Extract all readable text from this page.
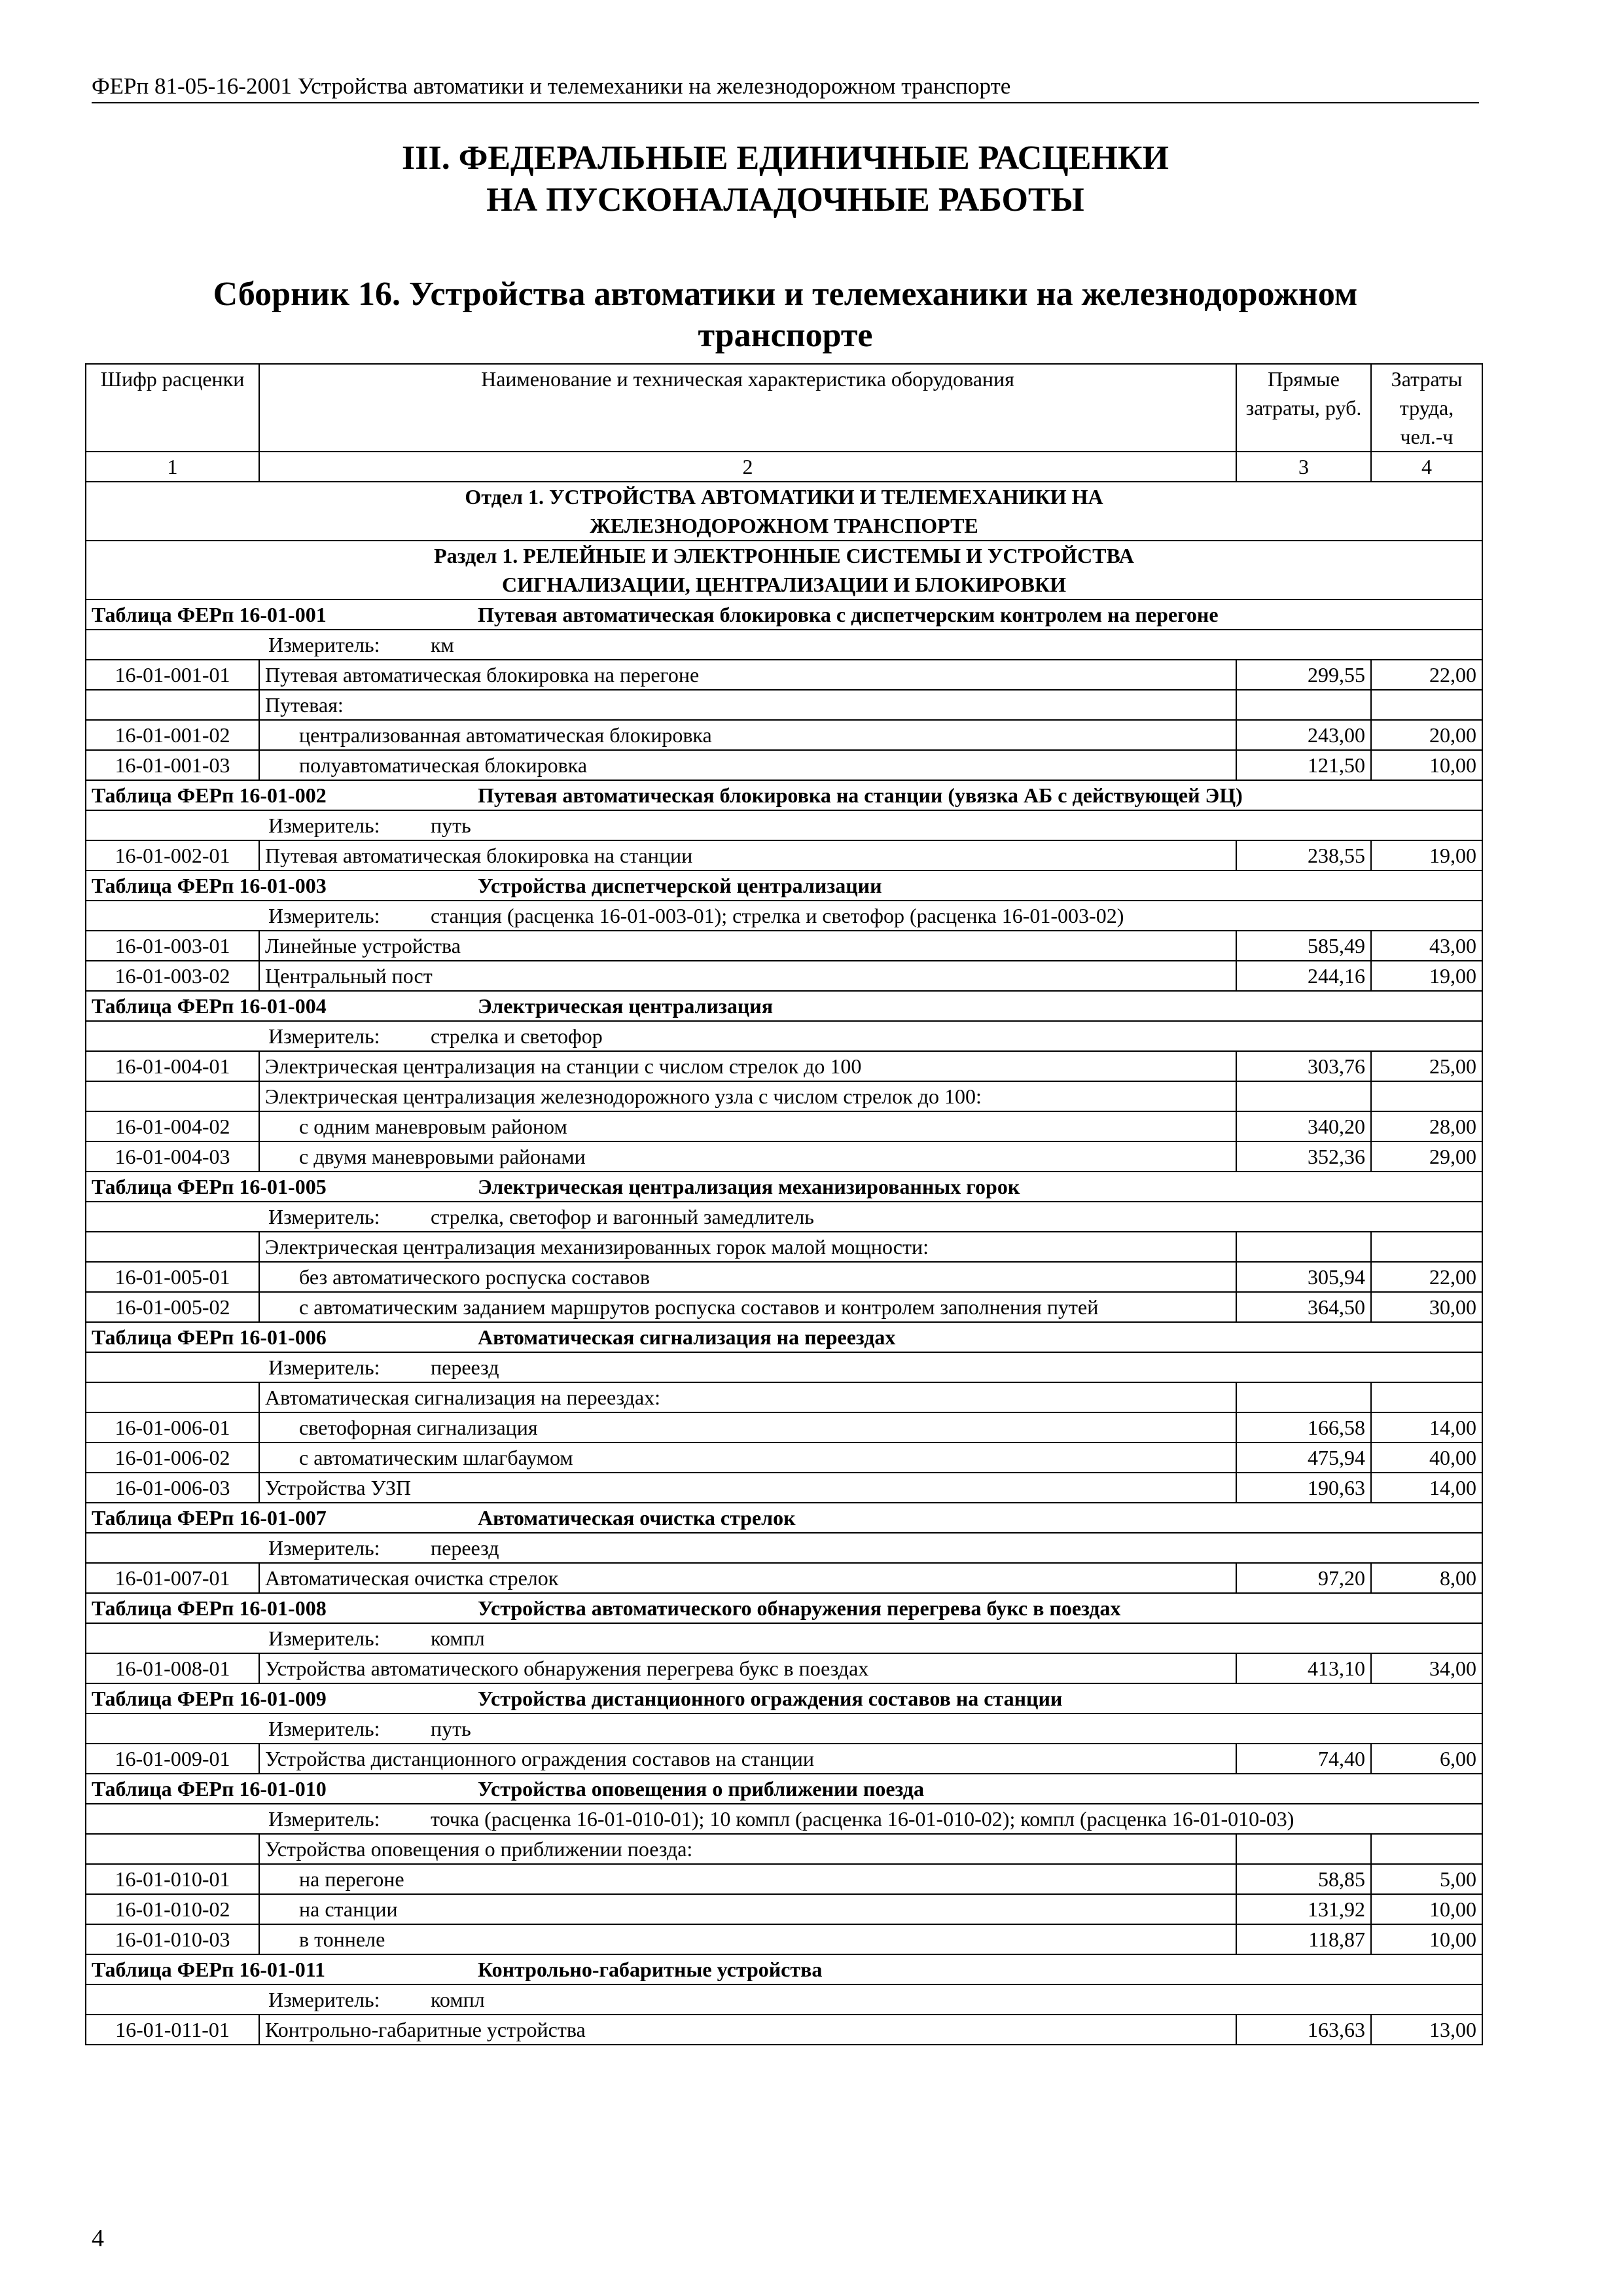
ФЕРп 81-05-16-2001 Устройства автоматики и телемеханики на железнодорожном транспорте
III. ФЕДЕРАЛЬНЫЕ ЕДИНИЧНЫЕ РАСЦЕНКИ
НА ПУСКОНАЛАДОЧНЫЕ РАБОТЫ
Сборник 16. Устройства автоматики и телемеханики на железнодорожном
транспорте
Шифр расценки	Наименование и техническая характеристика оборудования	Прямые затраты, руб.	Затраты труда, чел.-ч
1	2	3	4

Отдел 1. УСТРОЙСТВА АВТОМАТИКИ И ТЕЛЕМЕХАНИКИ НА
ЖЕЛЕЗНОДОРОЖНОМ ТРАНСПОРТЕ			

Раздел 1. РЕЛЕЙНЫЕ И ЭЛЕКТРОННЫЕ СИСТЕМЫ И УСТРОЙСТВА
СИГНАЛИЗАЦИИ, ЦЕНТРАЛИЗАЦИИ И БЛОКИРОВКИ			

Таблица ФЕРп 16-01-001 Путевая автоматическая блокировка с диспетчерским контролем на перегоне			
Измеритель: км			
16-01-001-01	Путевая автоматическая блокировка на перегоне	299,55	22,00
	Путевая:		
16-01-001-02	централизованная автоматическая блокировка	243,00	20,00
16-01-001-03	полуавтоматическая блокировка	121,50	10,00
Таблица ФЕРп 16-01-002 Путевая автоматическая блокировка на станции (увязка АБ с действующей ЭЦ)			
Измеритель: путь			
16-01-002-01	Путевая автоматическая блокировка на станции	238,55	19,00
Таблица ФЕРп 16-01-003 Устройства диспетчерской централизации			
Измеритель: станция (расценка 16-01-003-01); стрелка и светофор (расценка 16-01-003-02)			
16-01-003-01	Линейные устройства	585,49	43,00
16-01-003-02	Центральный пост	244,16	19,00
Таблица ФЕРп 16-01-004 Электрическая централизация			
Измеритель: стрелка и светофор			
16-01-004-01	Электрическая централизация на станции с числом стрелок до 100	303,76	25,00
	Электрическая централизация железнодорожного узла с числом стрелок до 100:		
16-01-004-02	с одним маневровым районом	340,20	28,00
16-01-004-03	с двумя маневровыми районами	352,36	29,00
Таблица ФЕРп 16-01-005 Электрическая централизация механизированных горок			
Измеритель: стрелка, светофор и вагонный замедлитель			
	Электрическая централизация механизированных горок малой мощности:		
16-01-005-01	без автоматического роспуска составов	305,94	22,00
16-01-005-02	с автоматическим заданием маршрутов роспуска составов и контролем заполнения путей	364,50	30,00
Таблица ФЕРп 16-01-006 Автоматическая сигнализация на переездах			
Измеритель: переезд			
	Автоматическая сигнализация на переездах:		
16-01-006-01	светофорная сигнализация	166,58	14,00
16-01-006-02	с автоматическим шлагбаумом	475,94	40,00
16-01-006-03	Устройства УЗП	190,63	14,00
Таблица ФЕРп 16-01-007 Автоматическая очистка стрелок			
Измеритель: переезд			
16-01-007-01	Автоматическая очистка стрелок	97,20	8,00
Таблица ФЕРп 16-01-008 Устройства автоматического обнаружения перегрева букс в поездах			
Измеритель: компл			
16-01-008-01	Устройства автоматического обнаружения перегрева букс в поездах	413,10	34,00
Таблица ФЕРп 16-01-009 Устройства дистанционного ограждения составов на станции			
Измеритель: путь			
16-01-009-01	Устройства дистанционного ограждения составов на станции	74,40	6,00
Таблица ФЕРп 16-01-010 Устройства оповещения о приближении поезда			
Измеритель: точка (расценка 16-01-010-01); 10 компл (расценка 16-01-010-02); компл (расценка 16-01-010-03)			
	Устройства оповещения о приближении поезда:		
16-01-010-01	на перегоне	58,85	5,00
16-01-010-02	на станции	131,92	10,00
16-01-010-03	в тоннеле	118,87	10,00
Таблица ФЕРп 16-01-011 Контрольно-габаритные устройства			
Измеритель: компл			
16-01-011-01	Контрольно-габаритные устройства	163,63	13,00
4
